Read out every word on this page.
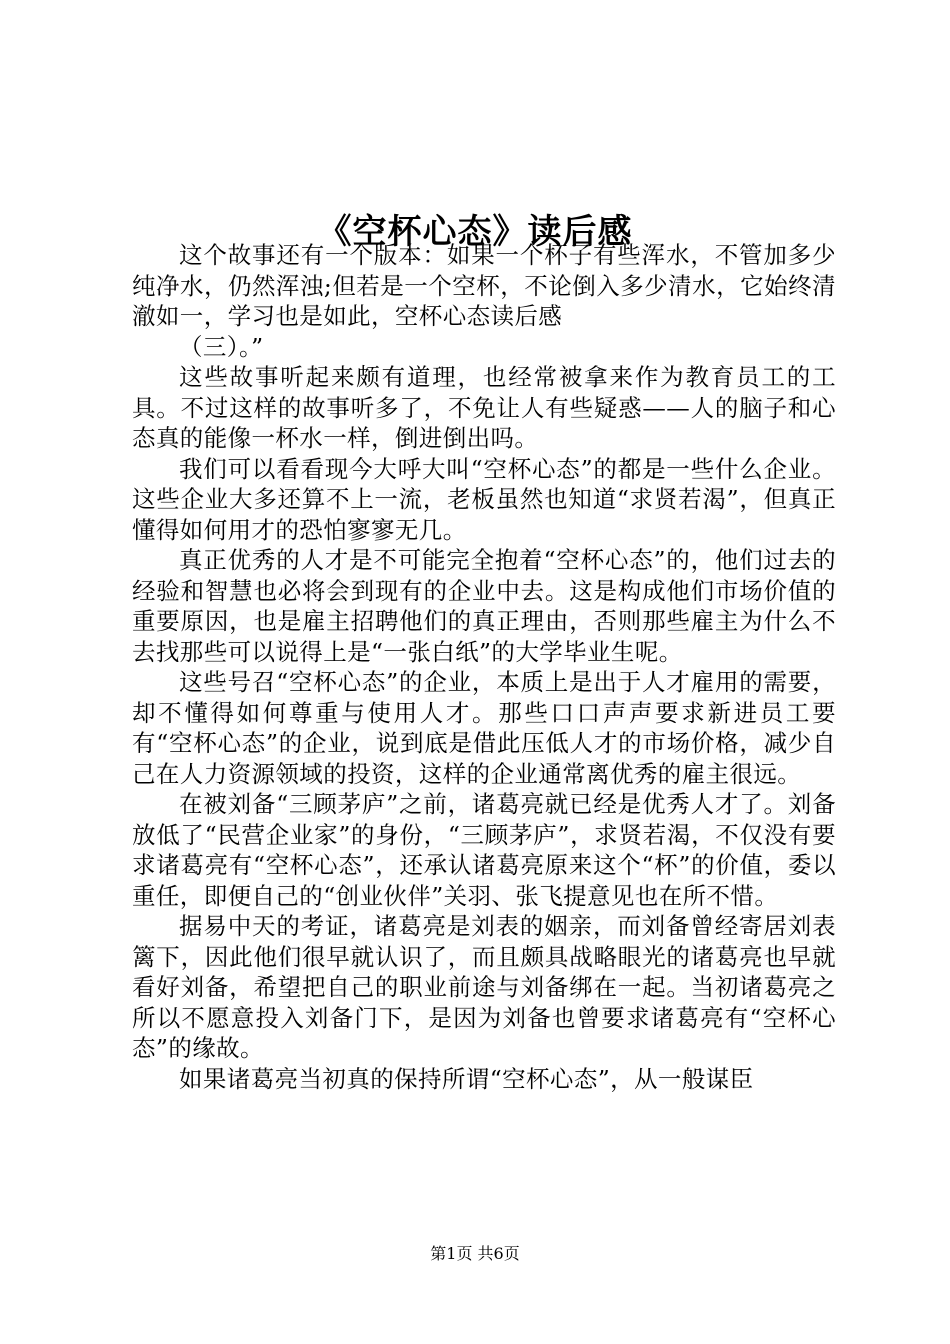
《空杯心态》读后感

这个故事还有一个版本：如果一个杯子有些浑水，不管加多少纯净水，仍然浑浊;但若是一个空杯，不论倒入多少清水，它始终清澈如一，学习也是如此，空杯心态读后感

（三）。”

这些故事听起来颇有道理，也经常被拿来作为教育员工的工具。不过这样的故事听多了，不免让人有些疑惑——人的脑子和心态真的能像一杯水一样，倒进倒出吗。

我们可以看看现今大呼大叫“空杯心态”的都是一些什么企业。这些企业大多还算不上一流，老板虽然也知道“求贤若渴”，但真正懂得如何用才的恐怕寥寥无几。

真正优秀的人才是不可能完全抱着“空杯心态”的，他们过去的经验和智慧也必将会到现有的企业中去。这是构成他们市场价值的重要原因，也是雇主招聘他们的真正理由，否则那些雇主为什么不去找那些可以说得上是“一张白纸”的大学毕业生呢。

这些号召“空杯心态”的企业，本质上是出于人才雇用的需要，却不懂得如何尊重与使用人才。那些口口声声要求新进员工要有“空杯心态”的企业，说到底是借此压低人才的市场价格，减少自己在人力资源领域的投资，这样的企业通常离优秀的雇主很远。

在被刘备“三顾茅庐”之前，诸葛亮就已经是优秀人才了。刘备放低了“民营企业家”的身份，“三顾茅庐”，求贤若渴，不仅没有要求诸葛亮有“空杯心态”，还承认诸葛亮原来这个“杯”的价值，委以重任，即便自己的“创业伙伴”关羽、张飞提意见也在所不惜。

据易中天的考证，诸葛亮是刘表的姻亲，而刘备曾经寄居刘表篱下，因此他们很早就认识了，而且颇具战略眼光的诸葛亮也早就看好刘备，希望把自己的职业前途与刘备绑在一起。当初诸葛亮之所以不愿意投入刘备门下，是因为刘备也曾要求诸葛亮有“空杯心态”的缘故。

如果诸葛亮当初真的保持所谓“空杯心态”，从一般谋臣

第1页 共6页
